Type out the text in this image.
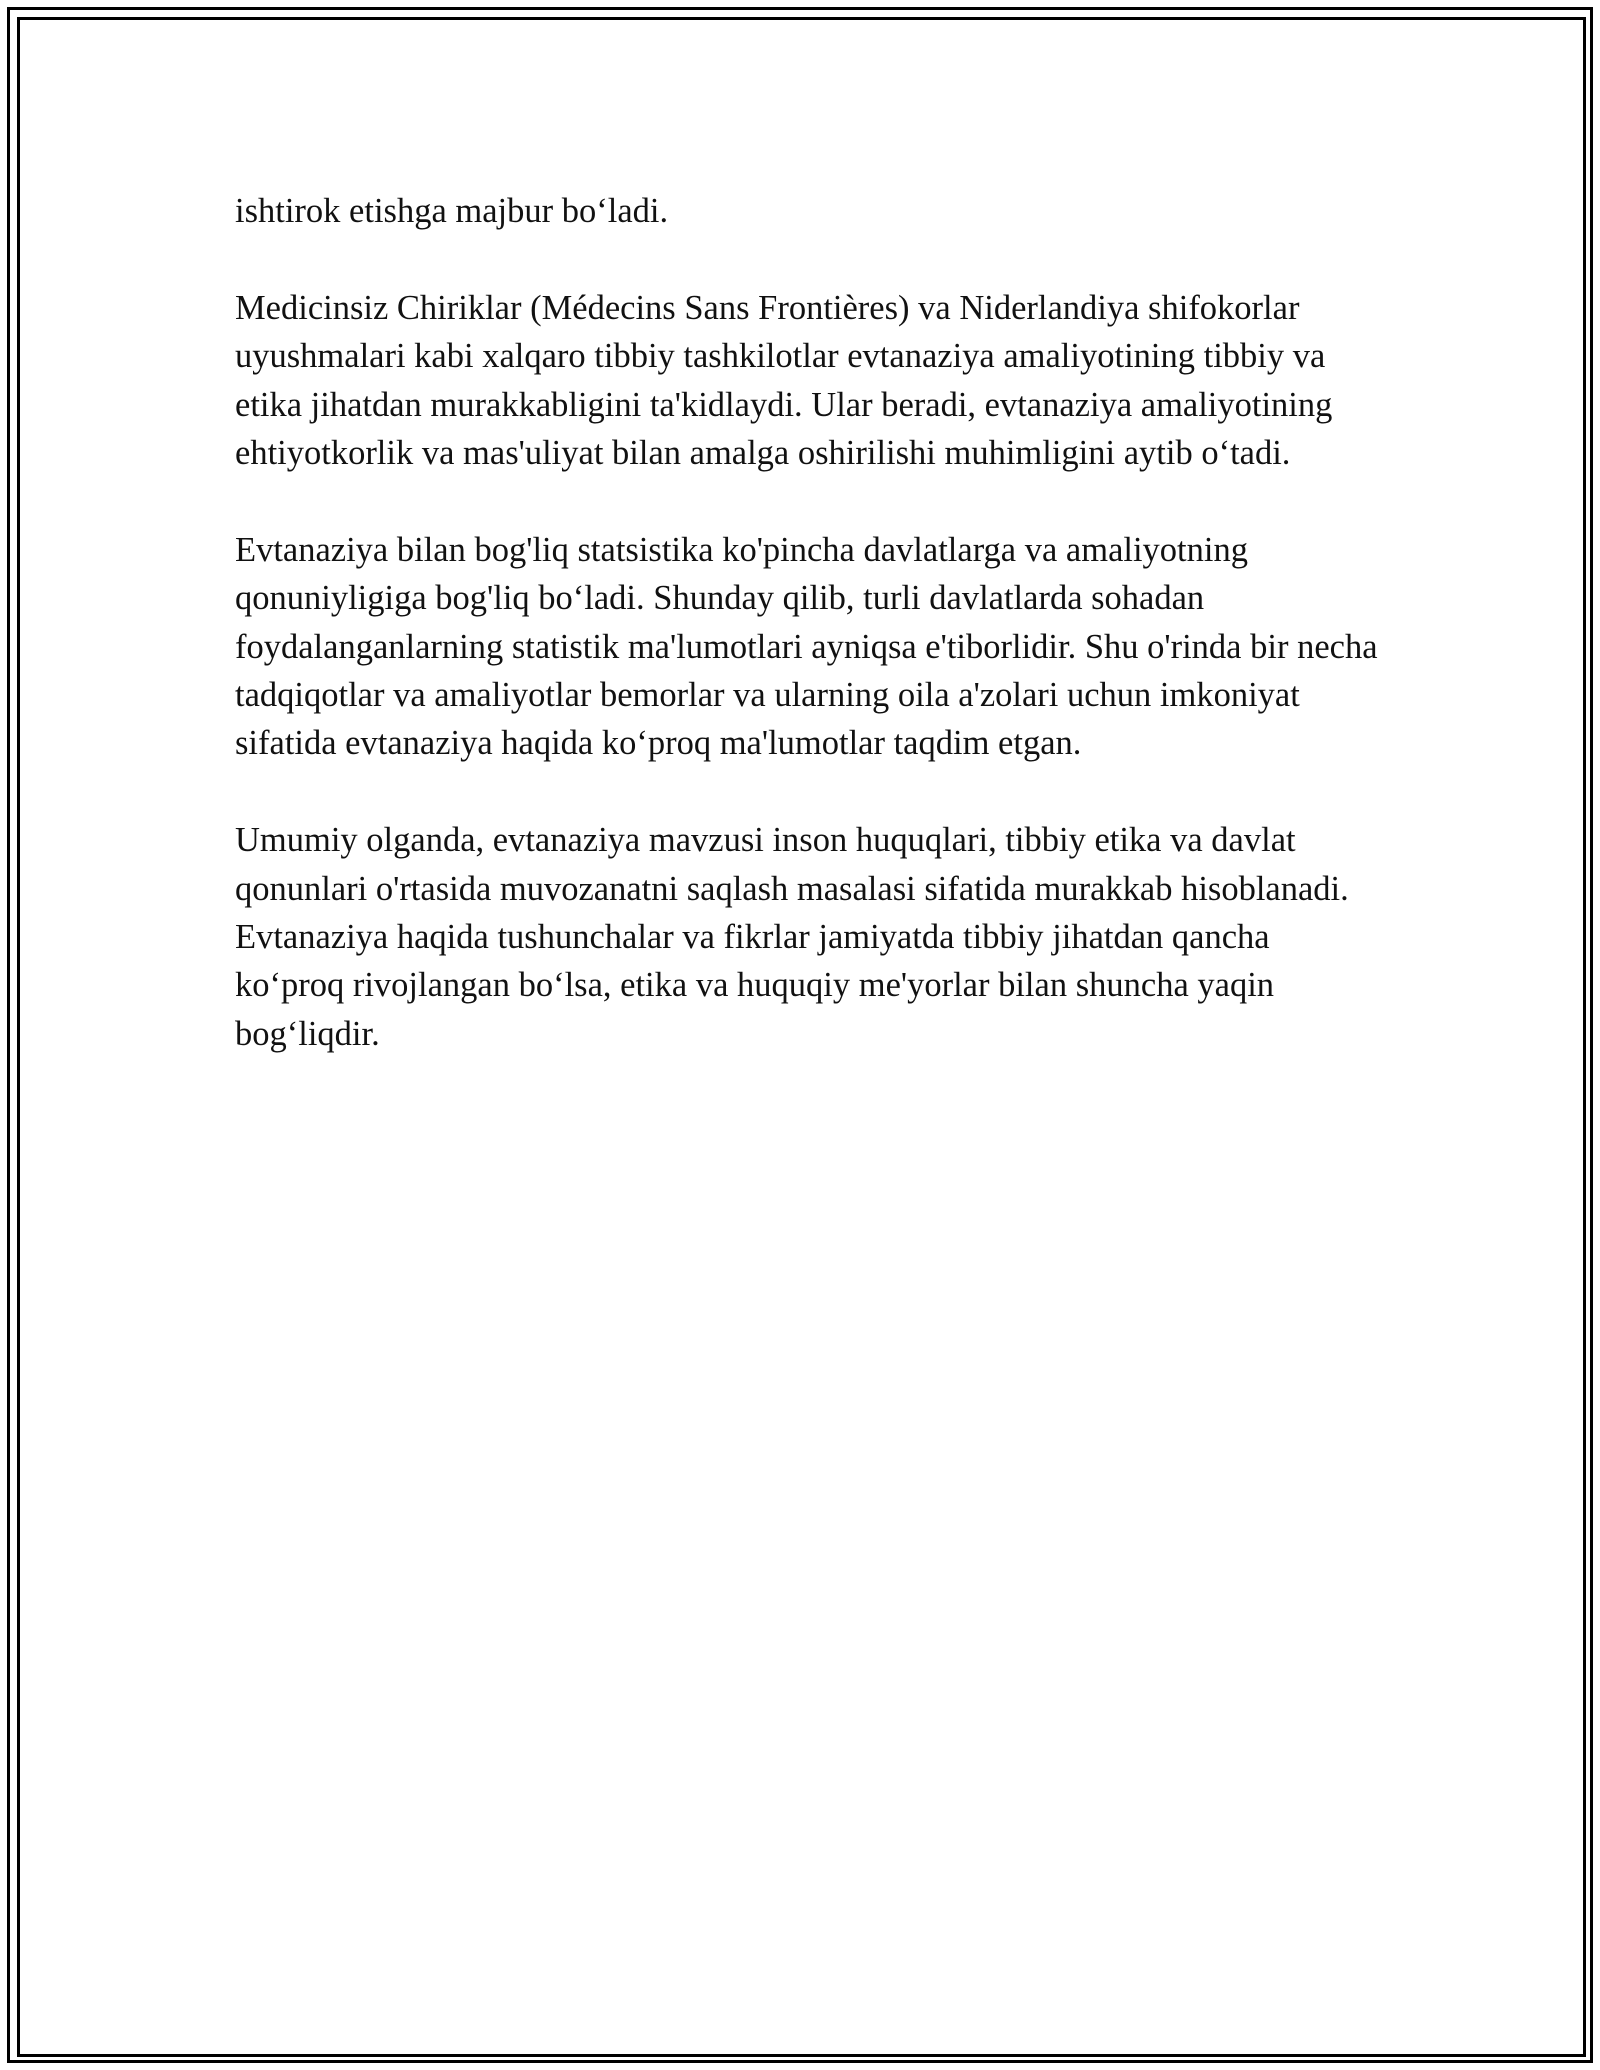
ishtirok etishga majbur bo‘ladi.

Medicinsiz Chiriklar (Médecins Sans Frontières) va Niderlandiya shifokorlar uyushmalari kabi xalqaro tibbiy tashkilotlar evtanaziya amaliyotining tibbiy va etika jihatdan murakkabligini ta'kidlaydi. Ular beradi, evtanaziya amaliyotining ehtiyotkorlik va mas'uliyat bilan amalga oshirilishi muhimligini aytib o‘tadi.

Evtanaziya bilan bog'liq statsistika ko'pincha davlatlarga va amaliyotning qonuniyligiga bog'liq bo‘ladi. Shunday qilib, turli davlatlarda sohadan foydalanganlarning statistik ma'lumotlari ayniqsa e'tiborlidir. Shu o'rinda bir necha tadqiqotlar va amaliyotlar bemorlar va ularning oila a'zolari uchun imkoniyat sifatida evtanaziya haqida ko‘proq ma'lumotlar taqdim etgan.

Umumiy olganda, evtanaziya mavzusi inson huquqlari, tibbiy etika va davlat qonunlari o'rtasida muvozanatni saqlash masalasi sifatida murakkab hisoblanadi. Evtanaziya haqida tushunchalar va fikrlar jamiyatda tibbiy jihatdan qancha ko‘proq rivojlangan bo‘lsa, etika va huquqiy me'yorlar bilan shuncha yaqin bog‘liqdir.
